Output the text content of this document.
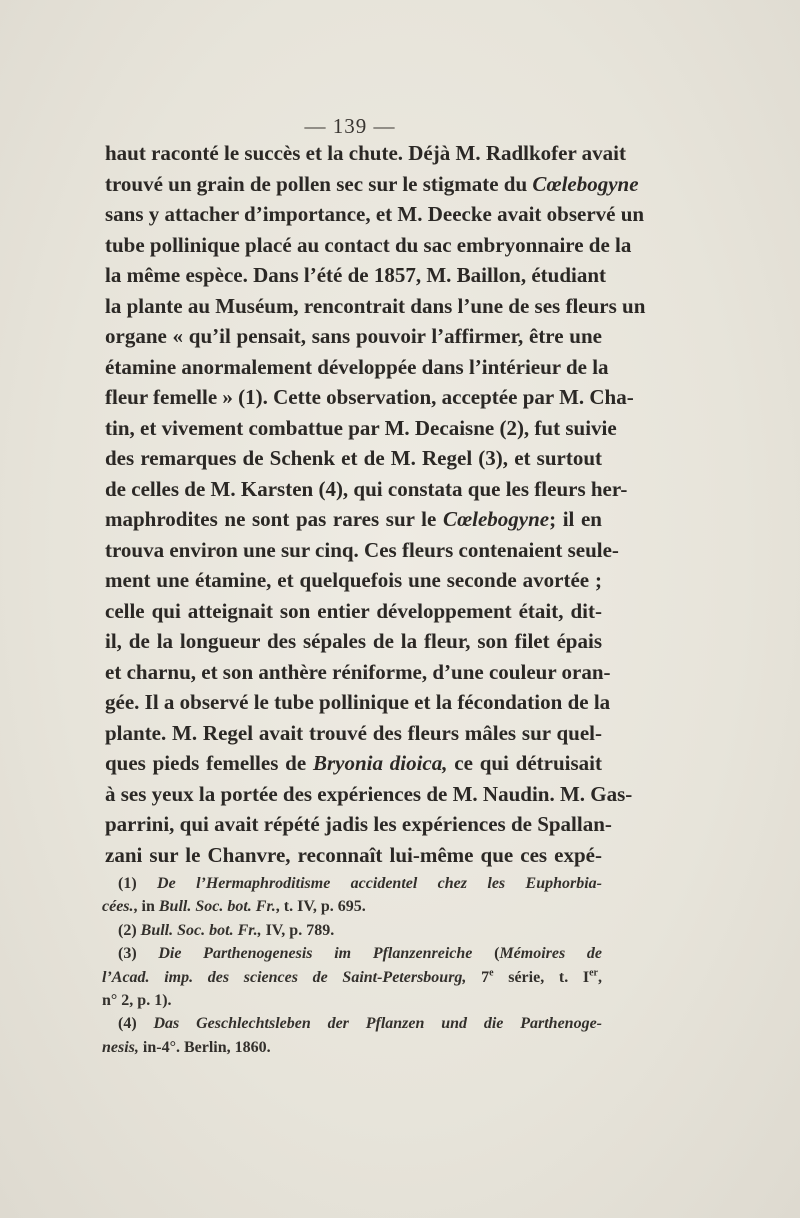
— 139 —
haut raconté le succès et la chute. Déjà M. Radlkofer avait
trouvé un grain de pollen sec sur le stigmate du Cœlebogyne
sans y attacher d’importance, et M. Deecke avait observé un
tube pollinique placé au contact du sac embryonnaire de la
la même espèce. Dans l’été de 1857, M. Baillon, étudiant
la plante au Muséum, rencontrait dans l’une de ses fleurs un
organe « qu’il pensait, sans pouvoir l’affirmer, être une
étamine anormalement développée dans l’intérieur de la
fleur femelle » (1). Cette observation, acceptée par M. Cha-
tin, et vivement combattue par M. Decaisne (2), fut suivie
des remarques de Schenk et de M. Regel (3), et surtout
de celles de M. Karsten (4), qui constata que les fleurs her-
maphrodites ne sont pas rares sur le Cœlebogyne; il en
trouva environ une sur cinq. Ces fleurs contenaient seule-
ment une étamine, et quelquefois une seconde avortée ;
celle qui atteignait son entier développement était, dit-
il, de la longueur des sépales de la fleur, son filet épais
et charnu, et son anthère réniforme, d’une couleur oran-
gée. Il a observé le tube pollinique et la fécondation de la
plante. M. Regel avait trouvé des fleurs mâles sur quel-
ques pieds femelles de Bryonia dioica, ce qui détruisait
à ses yeux la portée des expériences de M. Naudin. M. Gas-
parrini, qui avait répété jadis les expériences de Spallan-
zani sur le Chanvre, reconnaît lui-même que ces expé-
(1) De l’Hermaphroditisme accidentel chez les Euphorbia-
cées., in Bull. Soc. bot. Fr., t. IV, p. 695.
(2) Bull. Soc. bot. Fr., IV, p. 789.
(3) Die Parthenogenesis im Pflanzenreiche (Mémoires de
l’Acad. imp. des sciences de Saint-Petersbourg, 7e série, t. Ier,
n° 2, p. 1).
(4) Das Geschlechtsleben der Pflanzen und die Parthenoge-
nesis, in-4°. Berlin, 1860.
